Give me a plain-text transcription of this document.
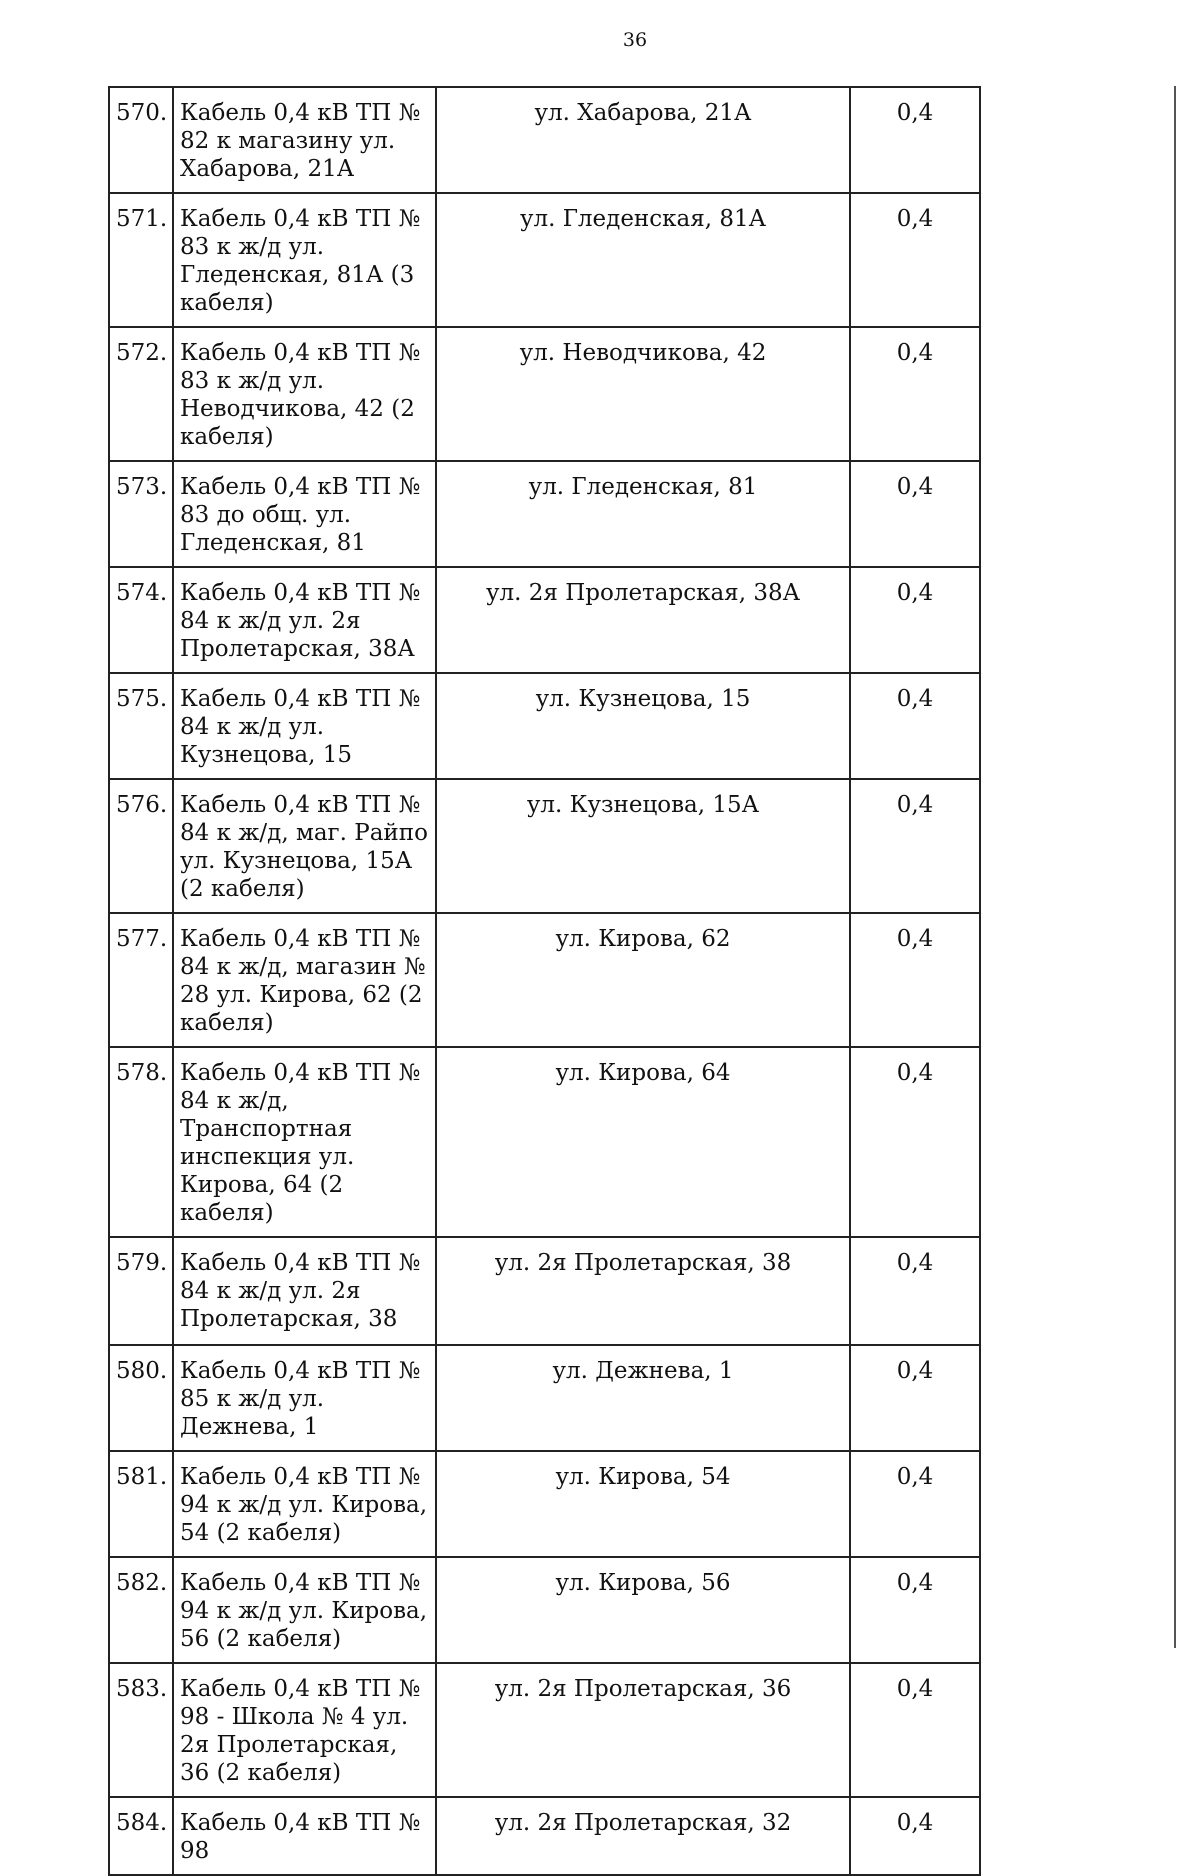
36
570.	Кабель 0,4 кВ ТП № 82 к магазину ул. Хабарова, 21А	ул. Хабарова, 21А	0,4
571.	Кабель 0,4 кВ ТП № 83 к ж/д ул. Гледенская, 81А (3 кабеля)	ул. Гледенская, 81А	0,4
572.	Кабель 0,4 кВ ТП № 83 к ж/д ул. Неводчикова, 42 (2 кабеля)	ул. Неводчикова, 42	0,4
573.	Кабель 0,4 кВ ТП № 83 до общ. ул. Гледенская, 81	ул. Гледенская, 81	0,4
574.	Кабель 0,4 кВ ТП № 84 к ж/д ул. 2я Пролетарская, 38А	ул. 2я Пролетарская, 38А	0,4
575.	Кабель 0,4 кВ ТП № 84 к ж/д ул. Кузнецова, 15	ул. Кузнецова, 15	0,4
576.	Кабель 0,4 кВ ТП № 84 к ж/д, маг. Райпо ул. Кузнецова, 15А (2 кабеля)	ул. Кузнецова, 15А	0,4
577.	Кабель 0,4 кВ ТП № 84 к ж/д, магазин № 28 ул. Кирова, 62 (2 кабеля)	ул. Кирова, 62	0,4
578.	Кабель 0,4 кВ ТП № 84 к ж/д, Транспортная инспекция ул. Кирова, 64 (2 кабеля)	ул. Кирова, 64	0,4
579.	Кабель 0,4 кВ ТП № 84 к ж/д ул. 2я Пролетарская, 38	ул. 2я Пролетарская, 38	0,4
580.	Кабель 0,4 кВ ТП № 85 к ж/д ул. Дежнева, 1	ул. Дежнева, 1	0,4
581.	Кабель 0,4 кВ ТП № 94 к ж/д ул. Кирова, 54 (2 кабеля)	ул. Кирова, 54	0,4
582.	Кабель 0,4 кВ ТП № 94 к ж/д ул. Кирова, 56 (2 кабеля)	ул. Кирова, 56	0,4
583.	Кабель 0,4 кВ ТП № 98 - Школа № 4 ул. 2я Пролетарская, 36 (2 кабеля)	ул. 2я Пролетарская, 36	0,4
584.	Кабель 0,4 кВ ТП № 98	ул. 2я Пролетарская, 32	0,4
